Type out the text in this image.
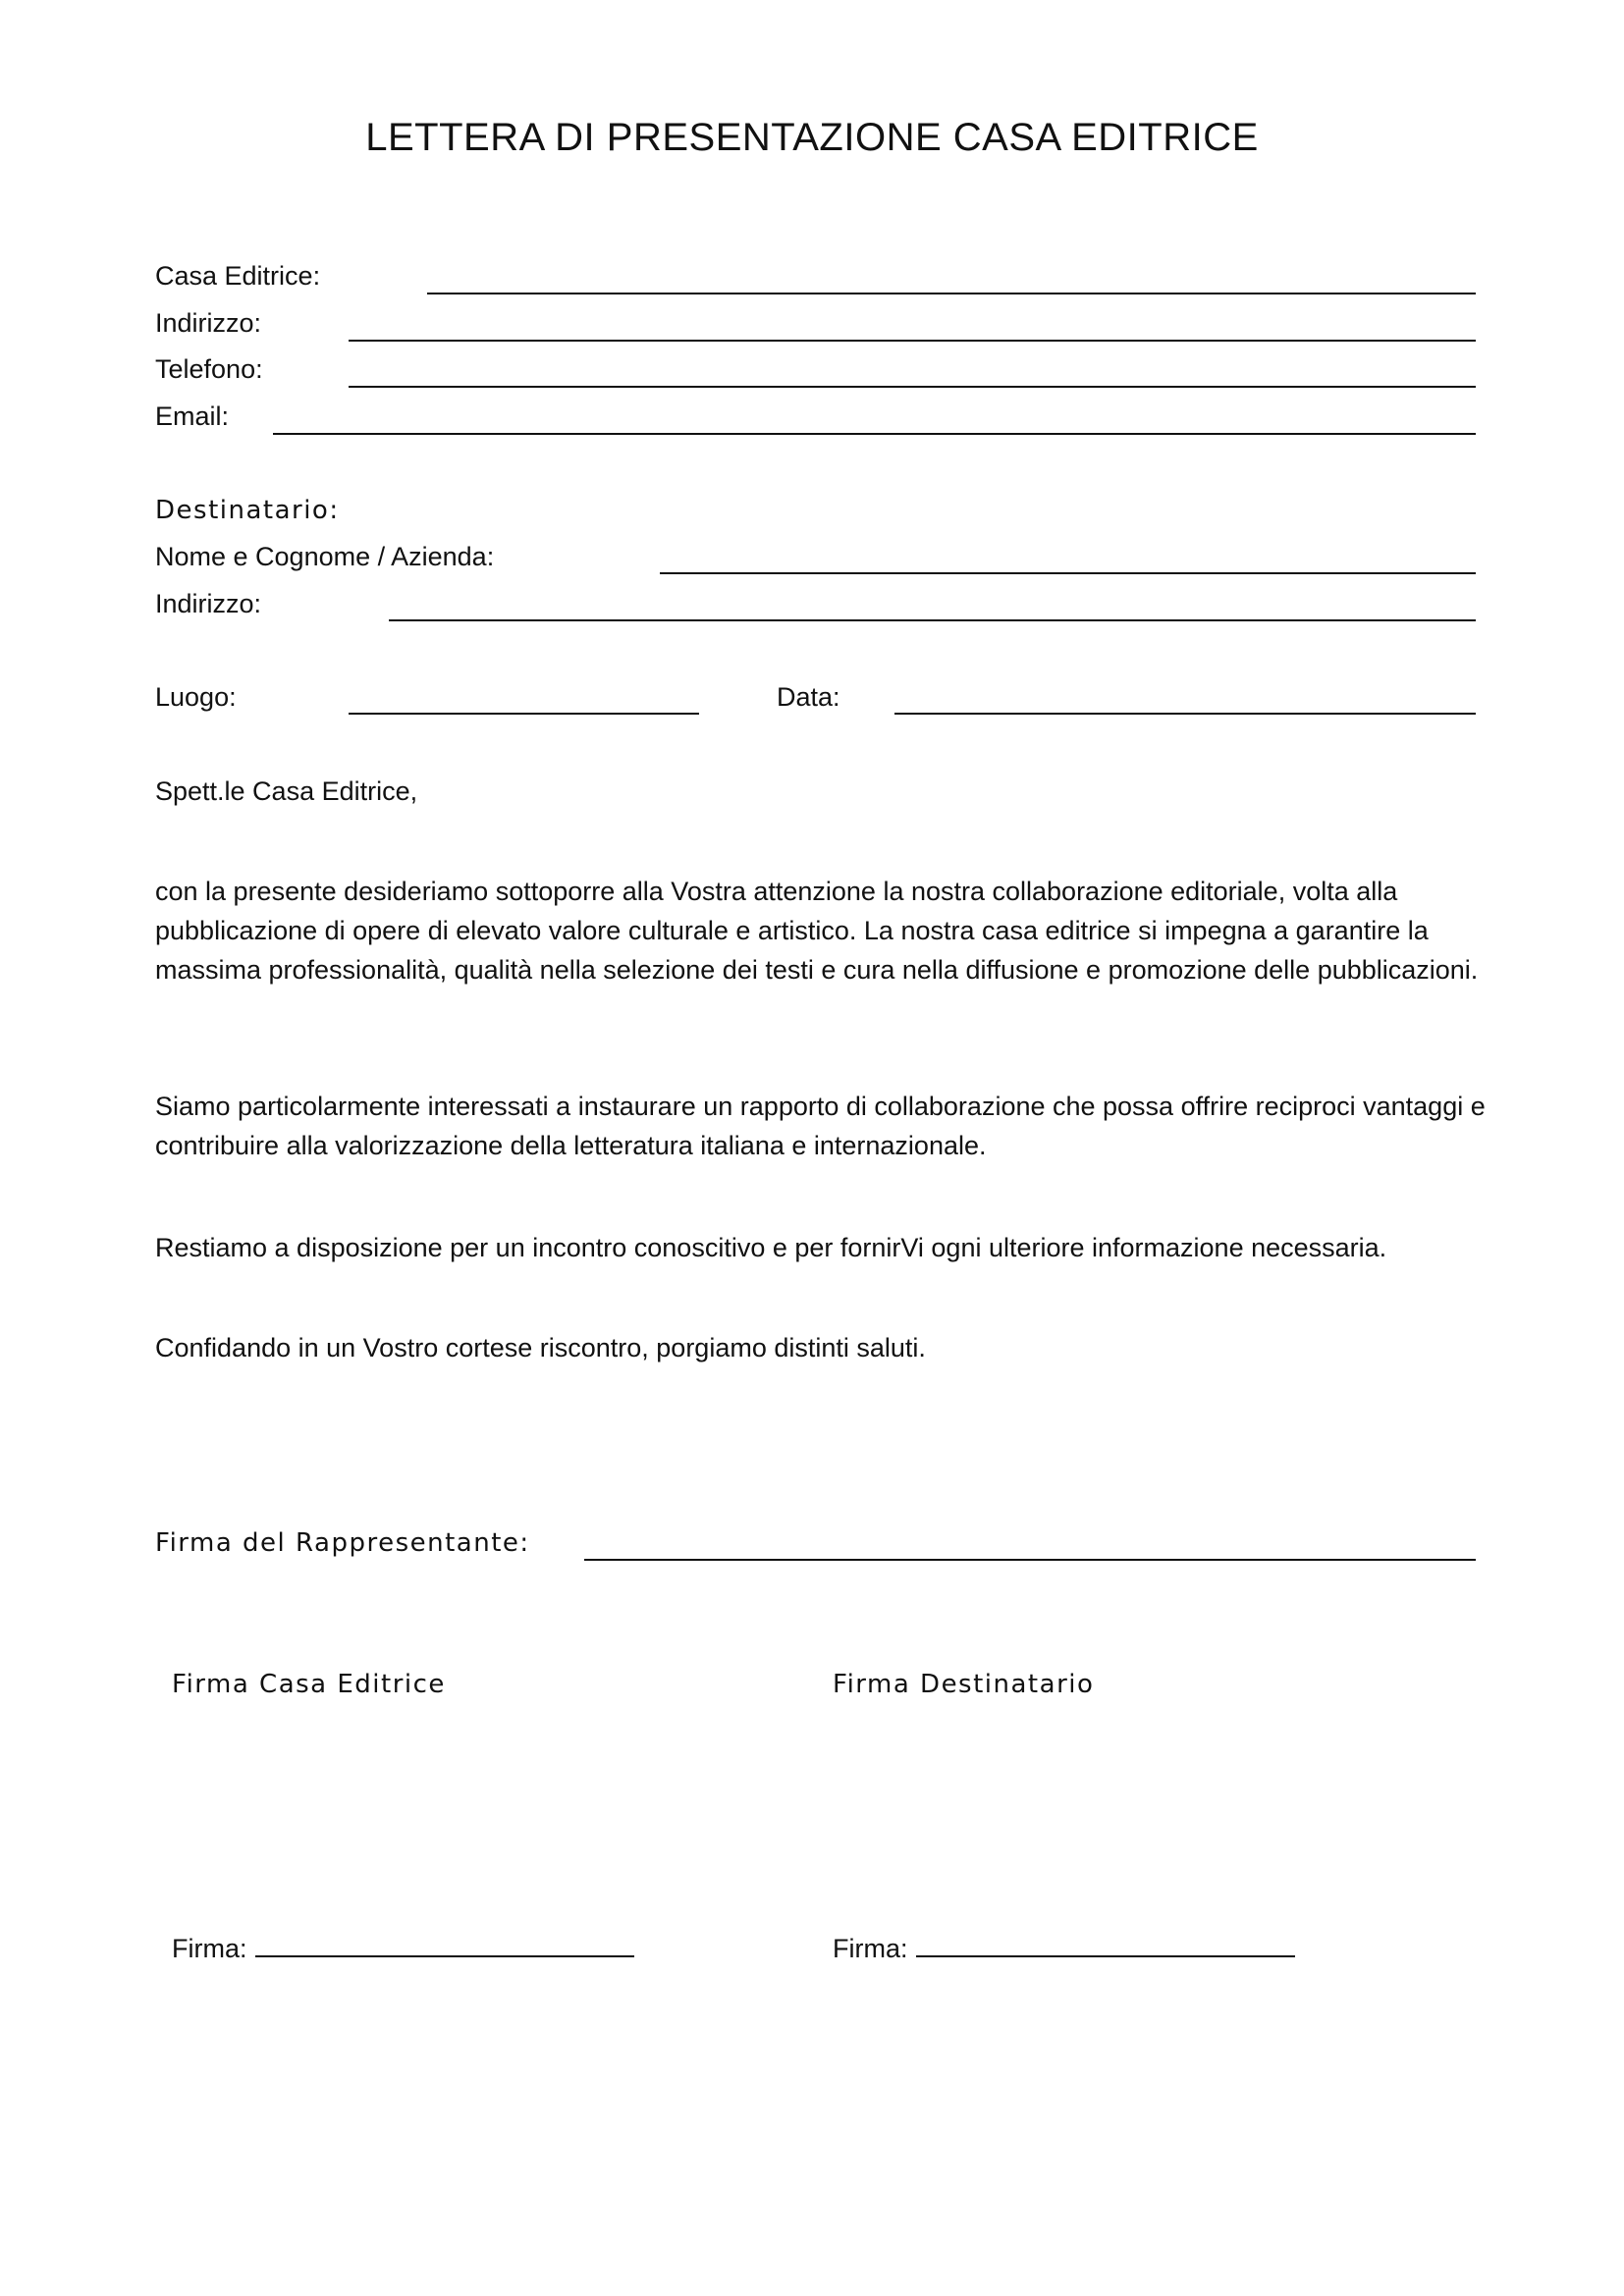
LETTERA DI PRESENTAZIONE CASA EDITRICE
Casa Editrice:
Indirizzo:
Telefono:
Email:
Destinatario:
Nome e Cognome / Azienda:
Indirizzo:
Luogo:	Data:
Spett.le Casa Editrice,
con la presente desideriamo sottoporre alla Vostra attenzione la nostra collaborazione editoriale, volta alla pubblicazione di opere di elevato valore culturale e artistico. La nostra casa editrice si impegna a garantire la massima professionalità, qualità nella selezione dei testi e cura nella diffusione e promozione delle pubblicazioni.
Siamo particolarmente interessati a instaurare un rapporto di collaborazione che possa offrire reciproci vantaggi e contribuire alla valorizzazione della letteratura italiana e internazionale.
Restiamo a disposizione per un incontro conoscitivo e per fornirVi ogni ulteriore informazione necessaria.
Confidando in un Vostro cortese riscontro, porgiamo distinti saluti.
Firma del Rappresentante:
Firma Casa Editrice	Firma Destinatario
Firma:	Firma:
